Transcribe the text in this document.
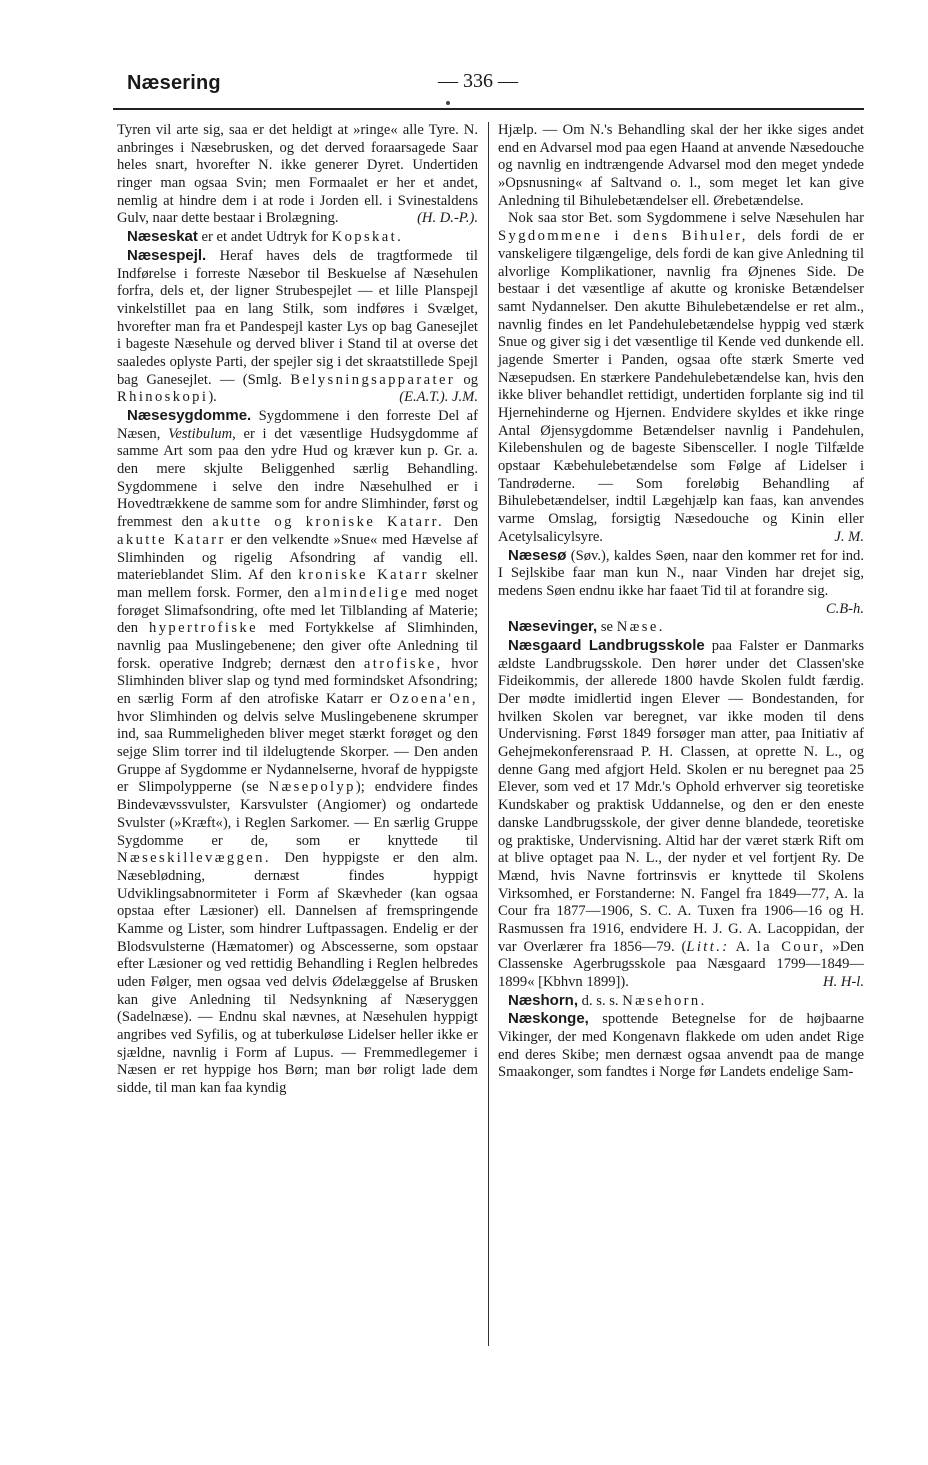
Næsering	— 336 —

Tyren vil arte sig, saa er det heldigt at »ringe« alle Tyre. N. anbringes i Næsebrusken, og det derved foraarsagede Saar heles snart, hvorefter N. ikke generer Dyret. Undertiden ringer man ogsaa Svin; men Formaalet er her et andet, nemlig at hindre dem i at rode i Jorden ell. i Svinestaldens Gulv, naar dette bestaar i Brolægning.	(H. D.-P.).

Næseskat er et andet Udtryk for Kopskat.

Næsespejl. Heraf haves dels de tragtformede til Indførelse i forreste Næsebor til Beskuelse af Næsehulen forfra, dels et, der ligner Strubespejlet — et lille Planspejl vinkelstillet paa en lang Stilk, som indføres i Svælget, hvorefter man fra et Pandespejl kaster Lys op bag Ganesejlet i bageste Næsehule og derved bliver i Stand til at overse det saaledes oplyste Parti, der spejler sig i det skraatstillede Spejl bag Ganesejlet. — (Smlg. Belysningsapparater og Rhinoskopi).	(E.A.T.). J.M.

Næsesygdomme. Sygdommene i den forreste Del af Næsen, Vestibulum, er i det væsentlige Hudsygdomme af samme Art som paa den ydre Hud og kræver kun p. Gr. a. den mere skjulte Beliggenhed særlig Behandling. Sygdommene i selve den indre Næsehulhed er i Hovedtrækkene de samme som for andre Slimhinder, først og fremmest den akutte og kroniske Katarr. Den akutte Katarr er den velkendte »Snue« med Hævelse af Slimhinden og rigelig Afsondring af vandig ell. materieblandet Slim. Af den kroniske Katarr skelner man mellem forsk. Former, den almindelige med noget forøget Slimafsondring, ofte med let Tilblanding af Materie; den hypertrofiske med Fortykkelse af Slimhinden, navnlig paa Muslingebenene; den giver ofte Anledning til forsk. operative Indgreb; dernæst den atrofiske, hvor Slimhinden bliver slap og tynd med formindsket Afsondring; en særlig Form af den atrofiske Katarr er Ozoena'en, hvor Slimhinden og delvis selve Muslingebenene skrumper ind, saa Rummeligheden bliver meget stærkt forøget og den sejge Slim torrer ind til ildelugtende Skorper. — Den anden Gruppe af Sygdomme er Nydannelserne, hvoraf de hyppigste er Slimpolypperne (se Næsepolyp); endvidere findes Bindevævssvulster, Karsvulster (Angiomer) og ondartede Svulster (»Kræft«), i Reglen Sarkomer. — En særlig Gruppe Sygdomme er de, som er knyttede til Næseskillevæggen. Den hyppigste er den alm. Næseblødning, dernæst findes hyppigt Udviklingsabnormiteter i Form af Skævheder (kan ogsaa opstaa efter Læsioner) ell. Dannelsen af fremspringende Kamme og Lister, som hindrer Luftpassagen. Endelig er der Blodsvulsterne (Hæmatomer) og Abscesserne, som opstaar efter Læsioner og ved rettidig Behandling i Reglen helbredes uden Følger, men ogsaa ved delvis Ødelæggelse af Brusken kan give Anledning til Nedsynkning af Næseryggen (Sadelnæse). — Endnu skal nævnes, at Næsehulen hyppigt angribes ved Syfilis, og at tuberkuløse Lidelser heller ikke er sjældne, navnlig i Form af Lupus. — Fremmedlegemer i Næsen er ret hyppige hos Børn; man bør roligt lade dem sidde, til man kan faa kyndig

Hjælp. — Om N.'s Behandling skal der her ikke siges andet end en Advarsel mod paa egen Haand at anvende Næsedouche og navnlig en indtrængende Advarsel mod den meget yndede »Opsnusning« af Saltvand o. l., som meget let kan give Anledning til Bihulebetændelser ell. Ørebetændelse.

Nok saa stor Bet. som Sygdommene i selve Næsehulen har Sygdommene i dens Bihuler, dels fordi de er vanskeligere tilgængelige, dels fordi de kan give Anledning til alvorlige Komplikationer, navnlig fra Øjnenes Side. De bestaar i det væsentlige af akutte og kroniske Betændelser samt Nydannelser. Den akutte Bihulebetændelse er ret alm., navnlig findes en let Pandehulebetændelse hyppig ved stærk Snue og giver sig i det væsentlige til Kende ved dunkende ell. jagende Smerter i Panden, ogsaa ofte stærk Smerte ved Næsepudsen. En stærkere Pandehulebetændelse kan, hvis den ikke bliver behandlet rettidigt, undertiden forplante sig ind til Hjernehinderne og Hjernen. Endvidere skyldes et ikke ringe Antal Øjensygdomme Betændelser navnlig i Pandehulen, Kilebenshulen og de bageste Sibensceller. I nogle Tilfælde opstaar Kæbehulebetændelse som Følge af Lidelser i Tandrøderne. — Som foreløbig Behandling af Bihulebetændelser, indtil Lægehjælp kan faas, kan anvendes varme Omslag, forsigtig Næsedouche og Kinin eller Acetylsalicylsyre.	J. M.

Næsesø (Søv.), kaldes Søen, naar den kommer ret for ind. I Sejlskibe faar man kun N., naar Vinden har drejet sig, medens Søen endnu ikke har faaet Tid til at forandre sig.
C.B-h.

Næsevinger, se Næse.

Næsgaard Landbrugsskole paa Falster er Danmarks ældste Landbrugsskole. Den hører under det Classen'ske Fideikommis, der allerede 1800 havde Skolen fuldt færdig. Der mødte imidlertid ingen Elever — Bondestanden, for hvilken Skolen var beregnet, var ikke moden til dens Undervisning. Først 1849 forsøger man atter, paa Initiativ af Gehejmekonferensraad P. H. Classen, at oprette N. L., og denne Gang med afgjort Held. Skolen er nu beregnet paa 25 Elever, som ved et 17 Mdr.'s Ophold erhverver sig teoretiske Kundskaber og praktisk Uddannelse, og den er den eneste danske Landbrugsskole, der giver denne blandede, teoretiske og praktiske, Undervisning. Altid har der været stærk Rift om at blive optaget paa N. L., der nyder et vel fortjent Ry. De Mænd, hvis Navne fortrinsvis er knyttede til Skolens Virksomhed, er Forstanderne: N. Fangel fra 1849—77, A. la Cour fra 1877—1906, S. C. A. Tuxen fra 1906—16 og H. Rasmussen fra 1916, endvidere H. J. G. A. Lacoppidan, der var Overlærer fra 1856—79. (Litt.: A. la Cour, »Den Classenske Agerbrugsskole paa Næsgaard 1799—1849—1899« [Kbhvn 1899]).	H. H-l.

Næshorn, d. s. s. Næsehorn.

Næskonge, spottende Betegnelse for de højbaarne Vikinger, der med Kongenavn flakkede om uden andet Rige end deres Skibe; men dernæst ogsaa anvendt paa de mange Smaakonger, som fandtes i Norge før Landets endelige Sam-
